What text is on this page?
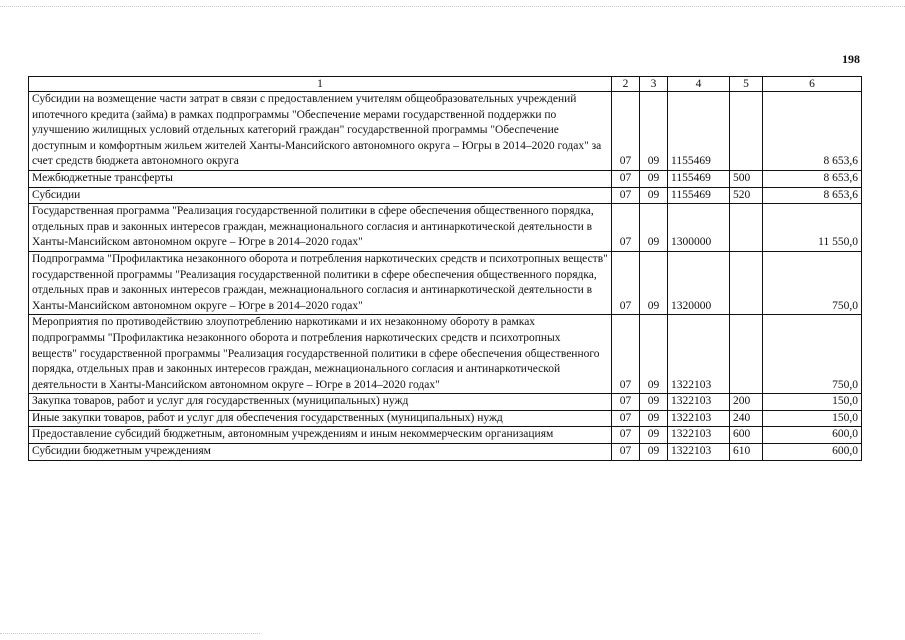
198
1	2	3	4	5	6
Субсидии на возмещение части затрат в связи с предоставлением учителям общеобразовательных учреждений ипотечного кредита (займа) в рамках подпрограммы "Обеспечение мерами государственной поддержки по улучшению жилищных условий отдельных категорий граждан" государственной программы "Обеспечение доступным и комфортным жильем жителей Ханты-Мансийского автономного округа – Югры в 2014–2020 годах" за счет средств бюджета автономного округа	07	09	1155469		8 653,6
Межбюджетные трансферты	07	09	1155469	500	8 653,6
Субсидии	07	09	1155469	520	8 653,6
Государственная программа "Реализация государственной политики в сфере обеспечения общественного порядка, отдельных прав и законных интересов граждан, межнационального согласия и антинаркотической деятельности в Ханты-Мансийском автономном округе – Югре в 2014–2020 годах"	07	09	1300000		11 550,0
Подпрограмма "Профилактика незаконного оборота и потребления наркотических средств и психотропных веществ" государственной программы "Реализация государственной политики в сфере обеспечения общественного порядка, отдельных прав и законных интересов граждан, межнационального согласия и антинаркотической деятельности в Ханты-Мансийском автономном округе – Югре в 2014–2020 годах"	07	09	1320000		750,0
Мероприятия по противодействию злоупотреблению наркотиками и их незаконному обороту в рамках подпрограммы "Профилактика незаконного оборота и потребления наркотических средств и психотропных веществ" государственной программы "Реализация государственной политики в сфере обеспечения общественного порядка, отдельных прав и законных интересов граждан, межнационального согласия и антинаркотической деятельности в Ханты-Мансийском автономном округе – Югре в 2014–2020 годах"	07	09	1322103		750,0
Закупка товаров, работ и услуг для государственных (муниципальных) нужд	07	09	1322103	200	150,0
Иные закупки товаров, работ и услуг для обеспечения государственных (муниципальных) нужд	07	09	1322103	240	150,0
Предоставление субсидий бюджетным, автономным учреждениям и иным некоммерческим организациям	07	09	1322103	600	600,0
Субсидии бюджетным учреждениям	07	09	1322103	610	600,0
